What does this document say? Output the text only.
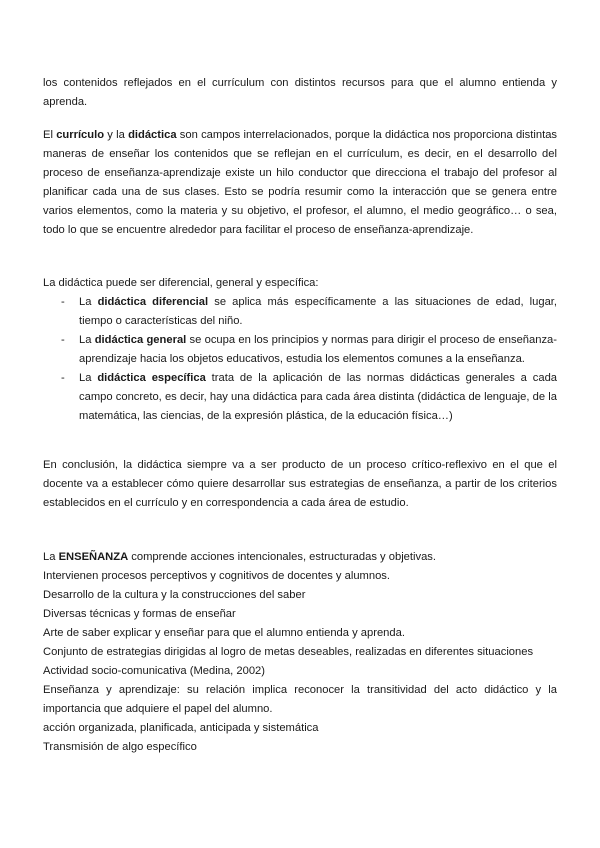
los contenidos reflejados en el currículum con distintos recursos para que el alumno entienda y aprenda.

El currículo y la didáctica son campos interrelacionados, porque la didáctica nos proporciona distintas maneras de enseñar los contenidos que se reflejan en el currículum, es decir, en el desarrollo del proceso de enseñanza-aprendizaje existe un hilo conductor que direcciona el trabajo del profesor al planificar cada una de sus clases. Esto se podría resumir como la interacción que se genera entre varios elementos, como la materia y su objetivo, el profesor, el alumno, el medio geográfico… o sea, todo lo que se encuentre alrededor para facilitar el proceso de enseñanza-aprendizaje.

La didáctica puede ser diferencial, general y específica:

- La didáctica diferencial se aplica más específicamente a las situaciones de edad, lugar, tiempo o características del niño.
- La didáctica general se ocupa en los principios y normas para dirigir el proceso de enseñanza-aprendizaje hacia los objetos educativos, estudia los elementos comunes a la enseñanza.
- La didáctica específica trata de la aplicación de las normas didácticas generales a cada campo concreto, es decir, hay una didáctica para cada área distinta (didáctica de lenguaje, de la matemática, las ciencias, de la expresión plástica, de la educación física…)

En conclusión, la didáctica siempre va a ser producto de un proceso crítico-reflexivo en el que el docente va a establecer cómo quiere desarrollar sus estrategias de enseñanza, a partir de los criterios establecidos en el currículo y en correspondencia a cada área de estudio.

La ENSEÑANZA comprende acciones intencionales, estructuradas y objetivas.

Intervienen procesos perceptivos y cognitivos de docentes y alumnos.

Desarrollo de la cultura y la construcciones del saber

Diversas técnicas y formas de enseñar

Arte de saber explicar y enseñar para que el alumno entienda y aprenda.

Conjunto de estrategias dirigidas al logro de metas deseables, realizadas en diferentes situaciones

Actividad socio-comunicativa (Medina, 2002)

Enseñanza y aprendizaje: su relación implica reconocer la transitividad del acto didáctico y la importancia que adquiere el papel del alumno.

acción organizada, planificada, anticipada y sistemática

Transmisión de algo específico
